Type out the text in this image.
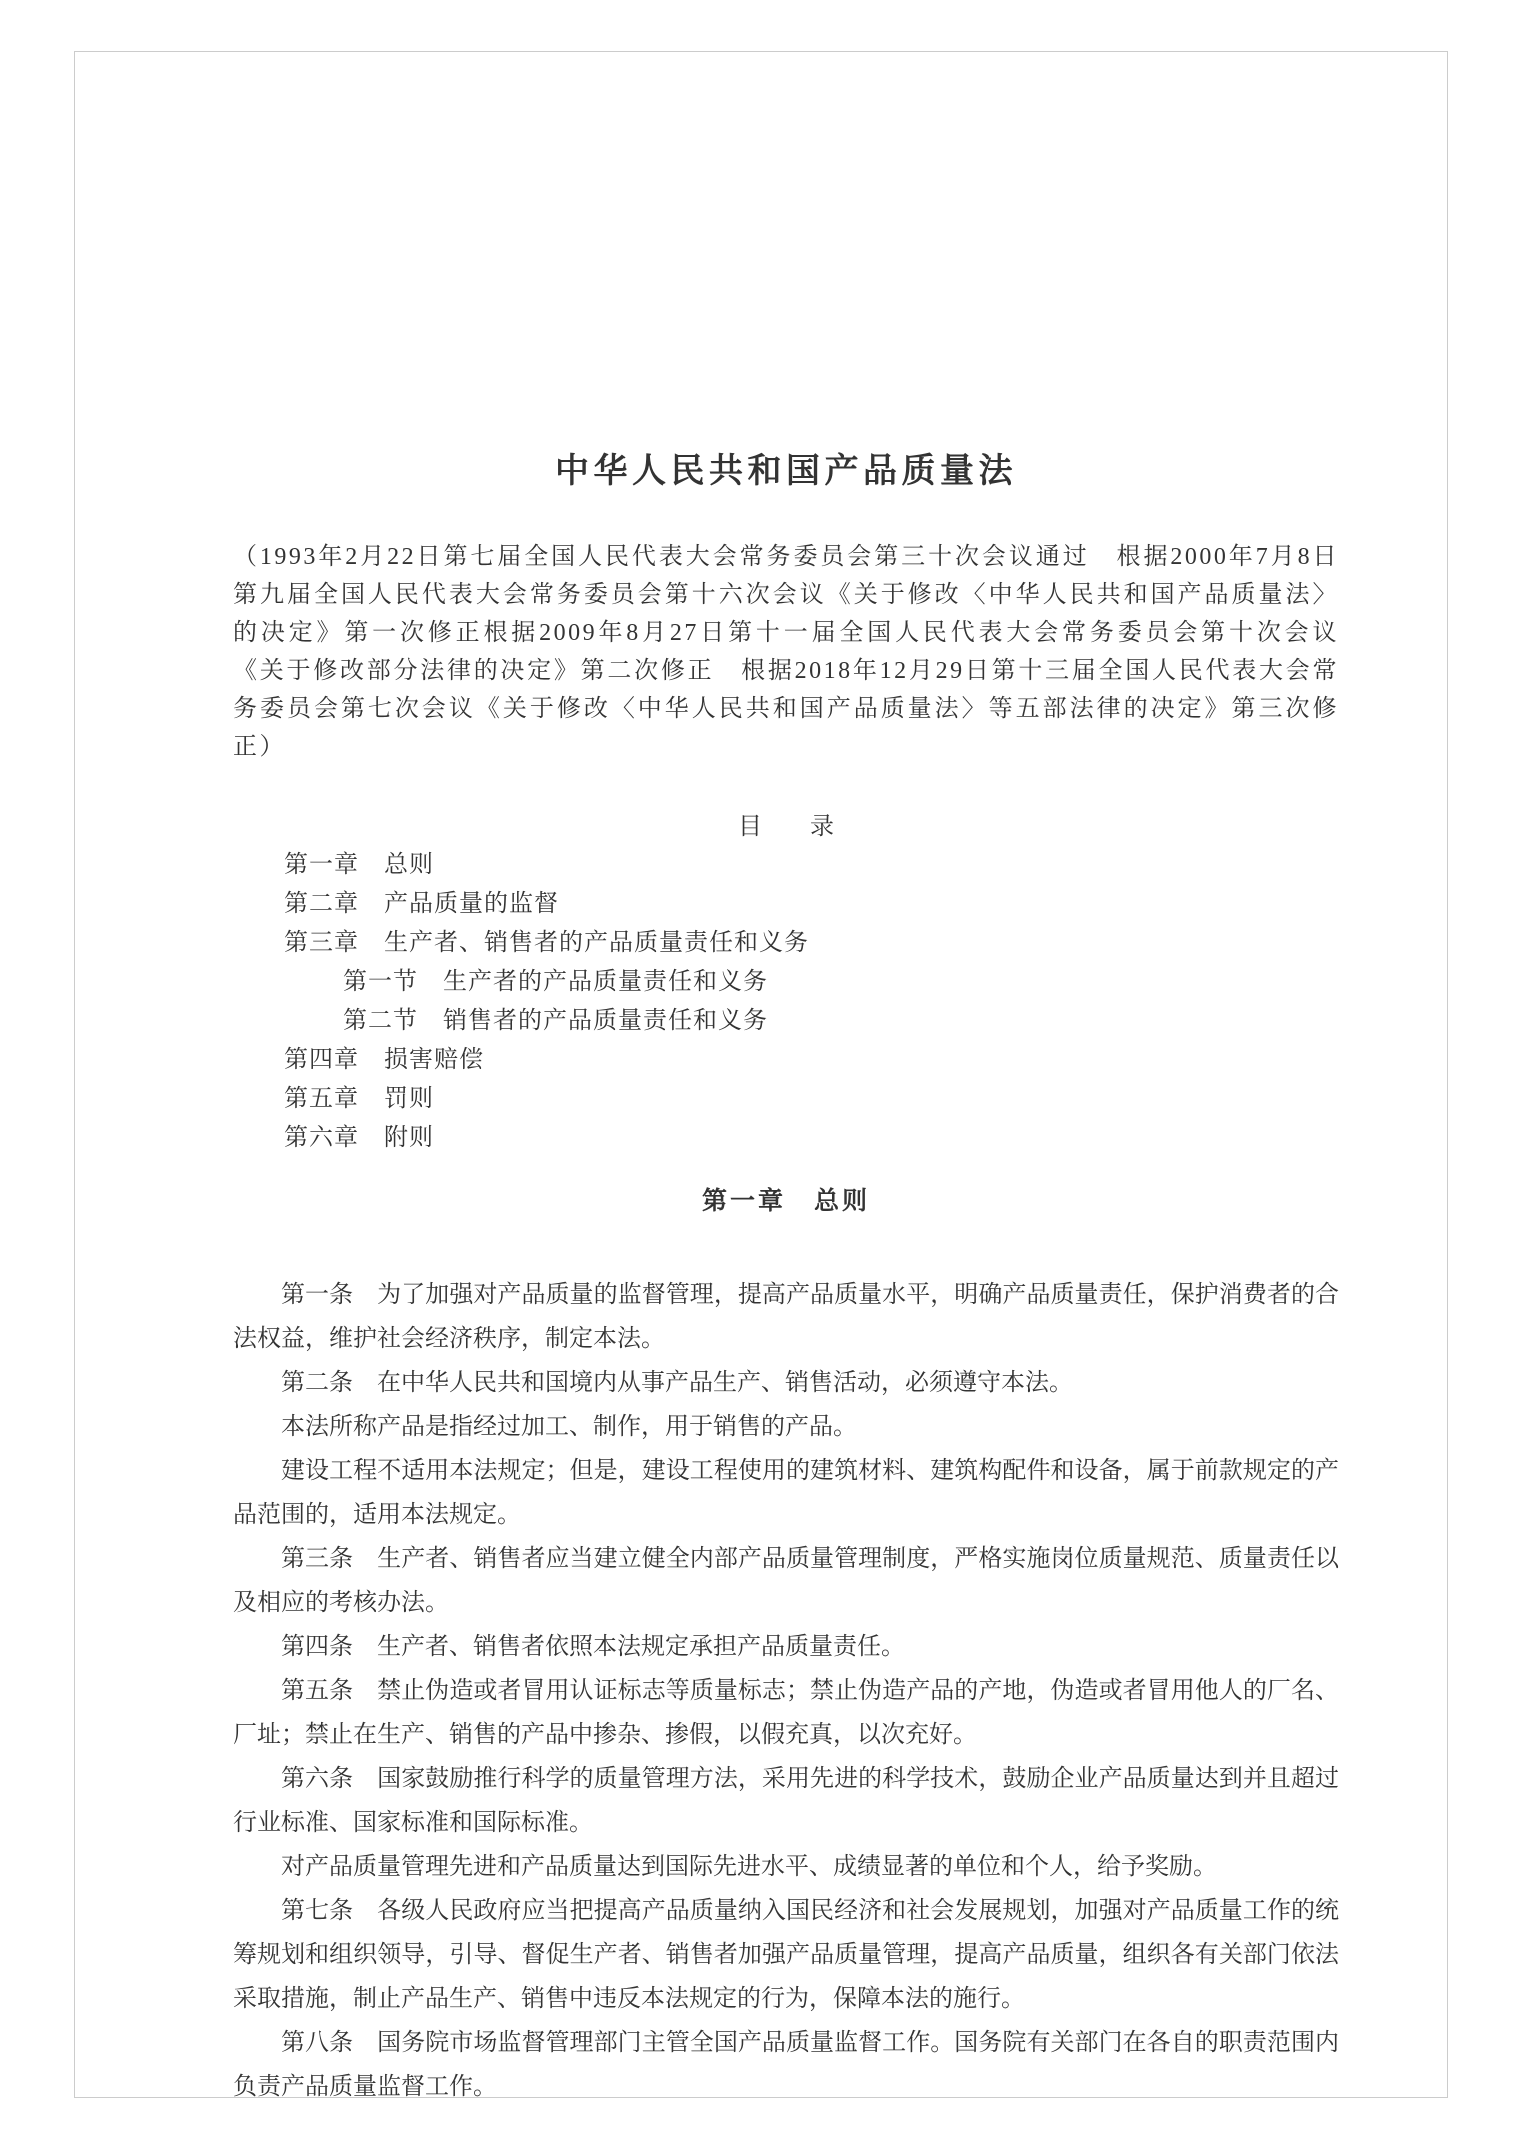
中华人民共和国产品质量法

（1993年2月22日第七届全国人民代表大会常务委员会第三十次会议通过　根据2000年7月8日第九届全国人民代表大会常务委员会第十六次会议《关于修改〈中华人民共和国产品质量法〉的决定》第一次修正根据2009年8月27日第十一届全国人民代表大会常务委员会第十次会议《关于修改部分法律的决定》第二次修正　根据2018年12月29日第十三届全国人民代表大会常务委员会第七次会议《关于修改〈中华人民共和国产品质量法〉等五部法律的决定》第三次修正）

目　　录
第一章　总则
第二章　产品质量的监督
第三章　生产者、销售者的产品质量责任和义务
第一节　生产者的产品质量责任和义务
第二节　销售者的产品质量责任和义务
第四章　损害赔偿
第五章　罚则
第六章　附则
第一章　总则

第一条　为了加强对产品质量的监督管理，提高产品质量水平，明确产品质量责任，保护消费者的合法权益，维护社会经济秩序，制定本法。

第二条　在中华人民共和国境内从事产品生产、销售活动，必须遵守本法。

本法所称产品是指经过加工、制作，用于销售的产品。

建设工程不适用本法规定；但是，建设工程使用的建筑材料、建筑构配件和设备，属于前款规定的产品范围的，适用本法规定。

第三条　生产者、销售者应当建立健全内部产品质量管理制度，严格实施岗位质量规范、质量责任以及相应的考核办法。

第四条　生产者、销售者依照本法规定承担产品质量责任。

第五条　禁止伪造或者冒用认证标志等质量标志；禁止伪造产品的产地，伪造或者冒用他人的厂名、厂址；禁止在生产、销售的产品中掺杂、掺假，以假充真，以次充好。

第六条　国家鼓励推行科学的质量管理方法，采用先进的科学技术，鼓励企业产品质量达到并且超过行业标准、国家标准和国际标准。

对产品质量管理先进和产品质量达到国际先进水平、成绩显著的单位和个人，给予奖励。

第七条　各级人民政府应当把提高产品质量纳入国民经济和社会发展规划，加强对产品质量工作的统筹规划和组织领导，引导、督促生产者、销售者加强产品质量管理，提高产品质量，组织各有关部门依法采取措施，制止产品生产、销售中违反本法规定的行为，保障本法的施行。

第八条　国务院市场监督管理部门主管全国产品质量监督工作。国务院有关部门在各自的职责范围内负责产品质量监督工作。
